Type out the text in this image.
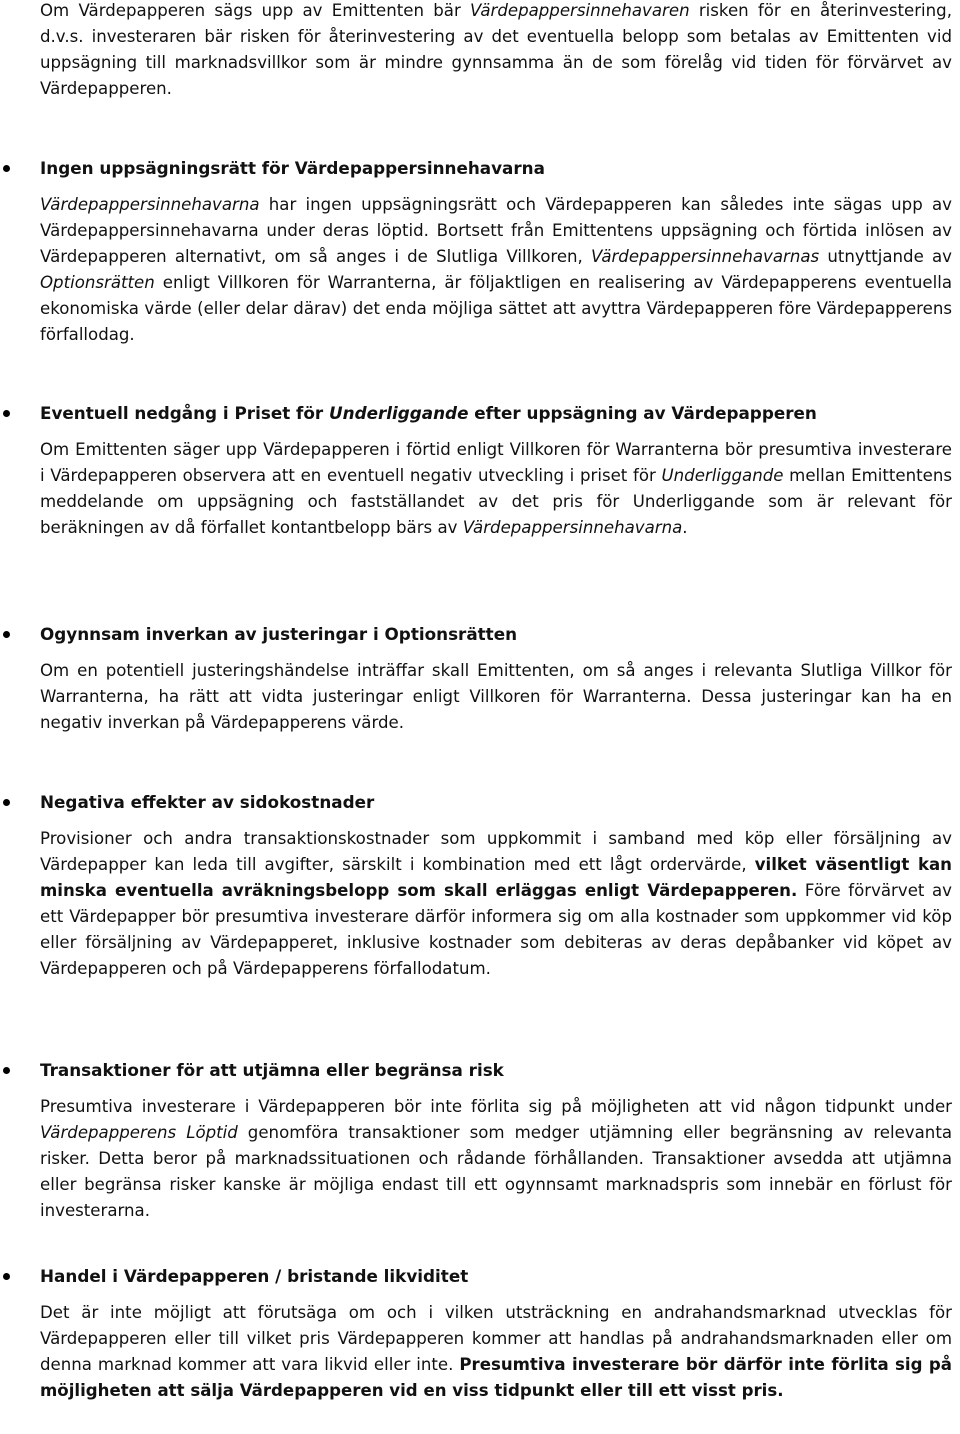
Om Värdepapperen sägs upp av Emittenten bär Värdepappersinnehavaren risken för en återinvestering, d.v.s. investeraren bär risken för återinvestering av det eventuella belopp som betalas av Emittenten vid uppsägning till marknadsvillkor som är mindre gynnsamma än de som förelåg vid tiden för förvärvet av Värdepapperen.

Ingen uppsägningsrätt för Värdepappersinnehavarna

Värdepappersinnehavarna har ingen uppsägningsrätt och Värdepapperen kan således inte sägas upp av Värdepappersinnehavarna under deras löptid. Bortsett från Emittentens uppsägning och förtida inlösen av Värdepapperen alternativt, om så anges i de Slutliga Villkoren, Värdepappersinnehavarnas utnyttjande av Optionsrätten enligt Villkoren för Warranterna, är följaktligen en realisering av Värdepapperens eventuella ekonomiska värde (eller delar därav) det enda möjliga sättet att avyttra Värdepapperen före Värdepapperens förfallodag.

Eventuell nedgång i Priset för Underliggande efter uppsägning av Värdepapperen

Om Emittenten säger upp Värdepapperen i förtid enligt Villkoren för Warranterna bör presumtiva investerare i Värdepapperen observera att en eventuell negativ utveckling i priset för Underliggande mellan Emittentens meddelande om uppsägning och fastställandet av det pris för Underliggande som är relevant för beräkningen av då förfallet kontantbelopp bärs av Värdepappersinnehavarna.

Ogynnsam inverkan av justeringar i Optionsrätten

Om en potentiell justeringshändelse inträffar skall Emittenten, om så anges i relevanta Slutliga Villkor för Warranterna, ha rätt att vidta justeringar enligt Villkoren för Warranterna. Dessa justeringar kan ha en negativ inverkan på Värdepapperens värde.

Negativa effekter av sidokostnader

Provisioner och andra transaktionskostnader som uppkommit i samband med köp eller försäljning av Värdepapper kan leda till avgifter, särskilt i kombination med ett lågt ordervärde, vilket väsentligt kan minska eventuella avräkningsbelopp som skall erläggas enligt Värdepapperen. Före förvärvet av ett Värdepapper bör presumtiva investerare därför informera sig om alla kostnader som uppkommer vid köp eller försäljning av Värdepapperet, inklusive kostnader som debiteras av deras depåbanker vid köpet av Värdepapperen och på Värdepapperens förfallodatum.

Transaktioner för att utjämna eller begränsa risk

Presumtiva investerare i Värdepapperen bör inte förlita sig på möjligheten att vid någon tidpunkt under Värdepapperens Löptid genomföra transaktioner som medger utjämning eller begränsning av relevanta risker. Detta beror på marknadssituationen och rådande förhållanden. Transaktioner avsedda att utjämna eller begränsa risker kanske är möjliga endast till ett ogynnsamt marknadspris som innebär en förlust för investerarna.

Handel i Värdepapperen / bristande likviditet

Det är inte möjligt att förutsäga om och i vilken utsträckning en andrahandsmarknad utvecklas för Värdepapperen eller till vilket pris Värdepapperen kommer att handlas på andrahandsmarknaden eller om denna marknad kommer att vara likvid eller inte. Presumtiva investerare bör därför inte förlita sig på möjligheten att sälja Värdepapperen vid en viss tidpunkt eller till ett visst pris.
